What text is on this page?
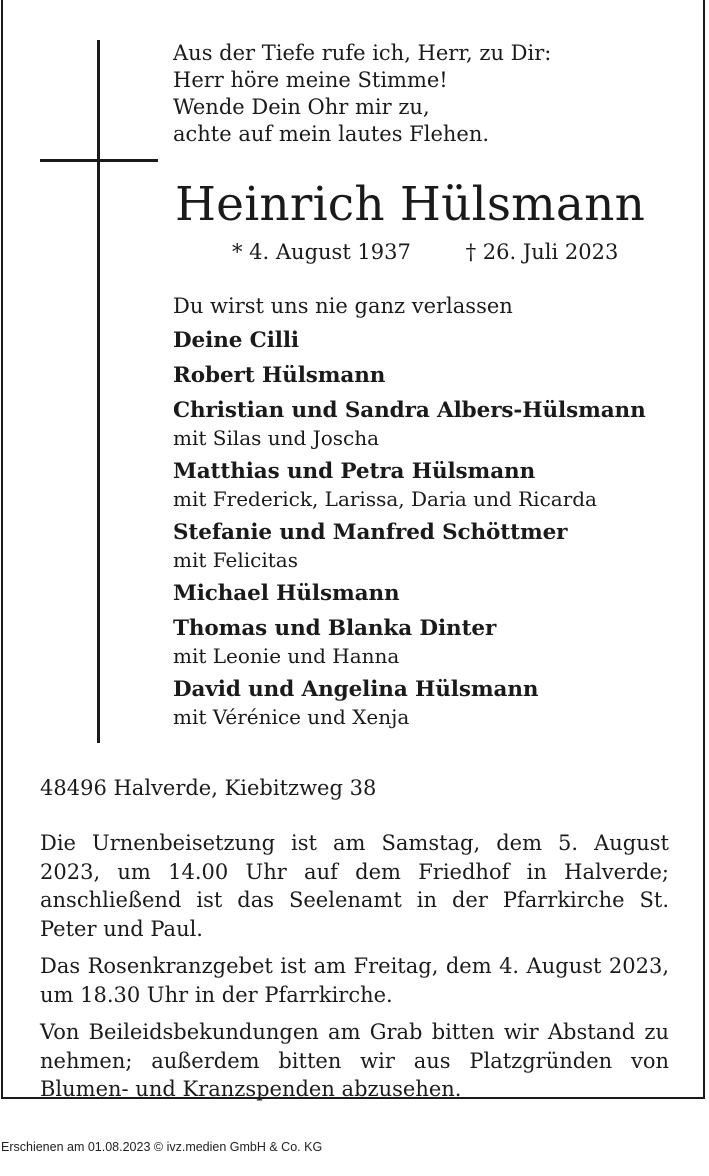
Aus der Tiefe rufe ich, Herr, zu Dir:
Herr höre meine Stimme!
Wende Dein Ohr mir zu,
achte auf mein lautes Flehen.
Heinrich Hülsmann
* 4. August 1937	† 26. Juli 2023
Du wirst uns nie ganz verlassen
Deine Cilli
Robert Hülsmann
Christian und Sandra Albers-Hülsmann
mit Silas und Joscha
Matthias und Petra Hülsmann
mit Frederick, Larissa, Daria und Ricarda
Stefanie und Manfred Schöttmer
mit Felicitas
Michael Hülsmann
Thomas und Blanka Dinter
mit Leonie und Hanna
David und Angelina Hülsmann
mit Vérénice und Xenja
48496 Halverde, Kiebitzweg 38

Die Urnenbeisetzung ist am Samstag, dem 5. August 2023, um 14.00 Uhr auf dem Friedhof in Halverde; anschließend ist das Seelenamt in der Pfarrkirche St. Peter und Paul.

Das Rosenkranzgebet ist am Freitag, dem 4. August 2023, um 18.30 Uhr in der Pfarrkirche.

Von Beileidsbekundungen am Grab bitten wir Abstand zu nehmen; außerdem bitten wir aus Platzgründen von Blumen- und Kranzspenden abzusehen.

Erschienen am 01.08.2023 © ivz.medien GmbH & Co. KG
